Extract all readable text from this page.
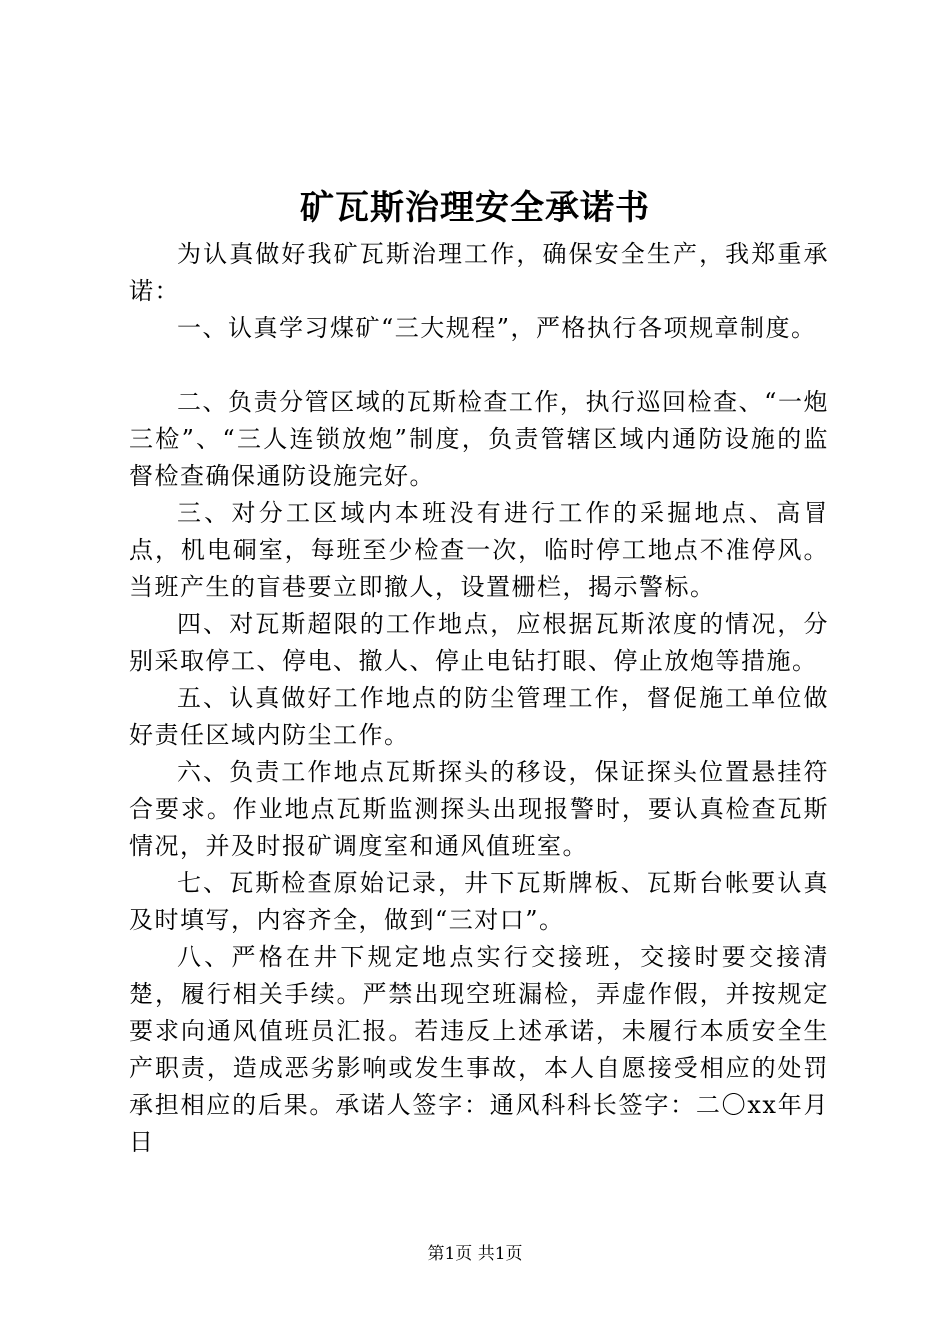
矿瓦斯治理安全承诺书

为认真做好我矿瓦斯治理工作，确保安全生产，我郑重承诺：

一、认真学习煤矿“三大规程”，严格执行各项规章制度。

二、负责分管区域的瓦斯检查工作，执行巡回检查、“一炮三检”、“三人连锁放炮”制度，负责管辖区域内通防设施的监督检查确保通防设施完好。

三、对分工区域内本班没有进行工作的采掘地点、高冒点，机电硐室，每班至少检查一次，临时停工地点不准停风。当班产生的盲巷要立即撤人，设置栅栏，揭示警标。

四、对瓦斯超限的工作地点，应根据瓦斯浓度的情况，分别采取停工、停电、撤人、停止电钻打眼、停止放炮等措施。

五、认真做好工作地点的防尘管理工作，督促施工单位做好责任区域内防尘工作。

六、负责工作地点瓦斯探头的移设，保证探头位置悬挂符合要求。作业地点瓦斯监测探头出现报警时，要认真检查瓦斯情况，并及时报矿调度室和通风值班室。

七、瓦斯检查原始记录，井下瓦斯牌板、瓦斯台帐要认真及时填写，内容齐全，做到“三对口”。

八、严格在井下规定地点实行交接班，交接时要交接清楚，履行相关手续。严禁出现空班漏检，弄虚作假，并按规定要求向通风值班员汇报。若违反上述承诺，未履行本质安全生产职责，造成恶劣影响或发生事故，本人自愿接受相应的处罚承担相应的后果。承诺人签字：通风科科长签字：二〇xx年月日

第1页 共1页
